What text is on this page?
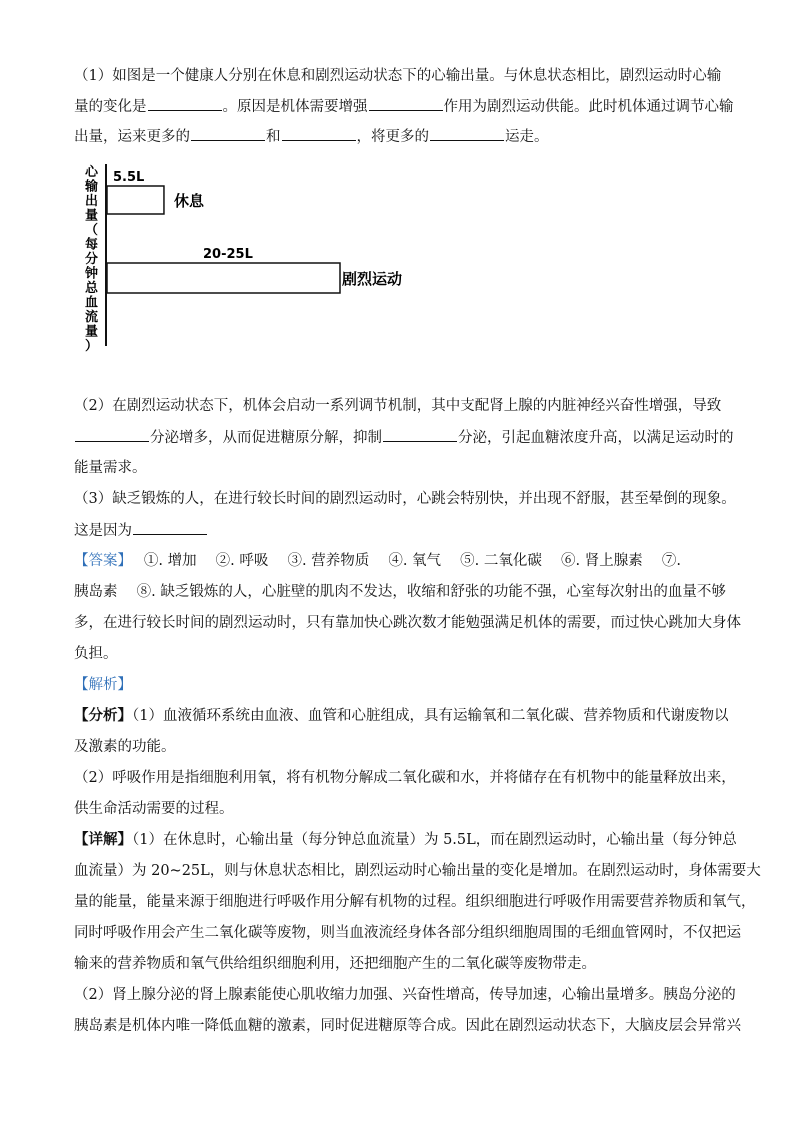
（1）如图是一个健康人分别在休息和剧烈运动状态下的心输出量。与休息状态相比，剧烈运动时心输
量的变化是	。原因是机体需要增强	作用为剧烈运动供能。此时机体通过调节心输
出量，运来更多的	和	，将更多的	运走。
心输出量（每分钟总血流量）
5.5L
休息
20-25L
剧烈运动
（2）在剧烈运动状态下，机体会启动一系列调节机制，其中支配肾上腺的内脏神经兴奋性增强，导致
分泌增多，从而促进糖原分解，抑制	分泌，引起血糖浓度升高，以满足运动时的
能量需求。
（3）缺乏锻炼的人，在进行较长时间的剧烈运动时，心跳会特别快，并出现不舒服，甚至晕倒的现象。
这是因为
【答案】　 ①. 增加　 ②. 呼吸　 ③. 营养物质　 ④. 氧气　 ⑤. 二氧化碳　 ⑥. 肾上腺素　 ⑦.
胰岛素　 ⑧. 缺乏锻炼的人，心脏壁的肌肉不发达，收缩和舒张的功能不强，心室每次射出的血量不够
多，在进行较长时间的剧烈运动时，只有靠加快心跳次数才能勉强满足机体的需要，而过快心跳加大身体
负担。
【解析】
【分析】（1）血液循环系统由血液、血管和心脏组成，具有运输氧和二氧化碳、营养物质和代谢废物以
及激素的功能。
（2）呼吸作用是指细胞利用氧，将有机物分解成二氧化碳和水，并将储存在有机物中的能量释放出来，
供生命活动需要的过程。
【详解】（1）在休息时，心输出量（每分钟总血流量）为 5.5L，而在剧烈运动时，心输出量（每分钟总
血流量）为 20~25L，则与休息状态相比，剧烈运动时心输出量的变化是增加。在剧烈运动时，身体需要大
量的能量，能量来源于细胞进行呼吸作用分解有机物的过程。组织细胞进行呼吸作用需要营养物质和氧气，
同时呼吸作用会产生二氧化碳等废物，则当血液流经身体各部分组织细胞周围的毛细血管网时，不仅把运
输来的营养物质和氧气供给组织细胞利用，还把细胞产生的二氧化碳等废物带走。
（2）肾上腺分泌的肾上腺素能使心肌收缩力加强、兴奋性增高，传导加速，心输出量增多。胰岛分泌的
胰岛素是机体内唯一降低血糖的激素，同时促进糖原等合成。因此在剧烈运动状态下，大脑皮层会异常兴
